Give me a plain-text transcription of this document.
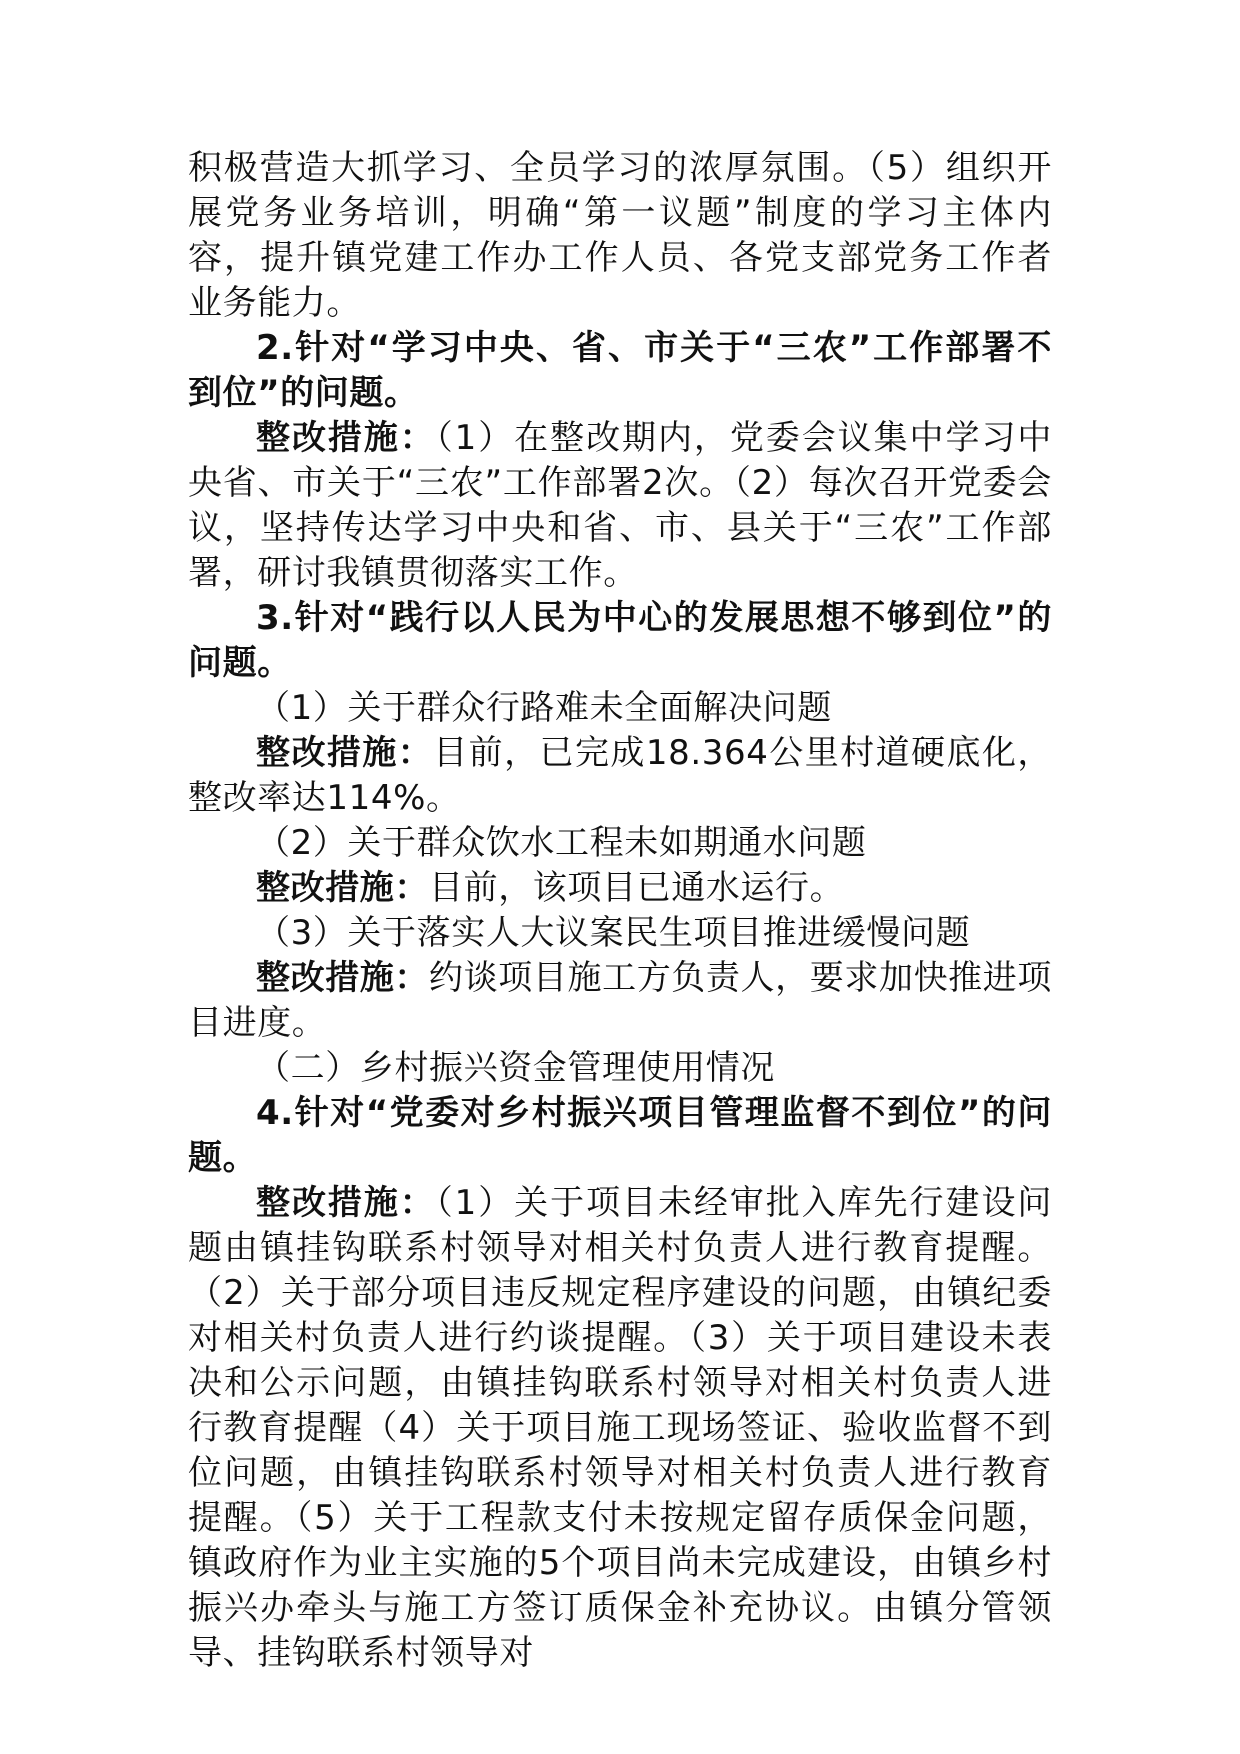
积极营造大抓学习、全员学习的浓厚氛围。（5）组织开展党务业务培训，明确“第一议题”制度的学习主体内容，提升镇党建工作办工作人员、各党支部党务工作者业务能力。

2.针对“学习中央、省、市关于“三农”工作部署不到位”的问题。

整改措施：（1）在整改期内，党委会议集中学习中央省、市关于“三农”工作部署2次。（2）每次召开党委会议，坚持传达学习中央和省、市、县关于“三农”工作部署，研讨我镇贯彻落实工作。

3.针对“践行以人民为中心的发展思想不够到位”的问题。

（1）关于群众行路难未全面解决问题

整改措施：目前，已完成18.364公里村道硬底化，整改率达114%。

（2）关于群众饮水工程未如期通水问题

整改措施：目前，该项目已通水运行。

（3）关于落实人大议案民生项目推进缓慢问题

整改措施：约谈项目施工方负责人，要求加快推进项目进度。

（二）乡村振兴资金管理使用情况

4.针对“党委对乡村振兴项目管理监督不到位”的问题。

整改措施：（1）关于项目未经审批入库先行建设问题由镇挂钩联系村领导对相关村负责人进行教育提醒。（2）关于部分项目违反规定程序建设的问题，由镇纪委对相关村负责人进行约谈提醒。（3）关于项目建设未表决和公示问题，由镇挂钩联系村领导对相关村负责人进行教育提醒（4）关于项目施工现场签证、验收监督不到位问题，由镇挂钩联系村领导对相关村负责人进行教育提醒。（5）关于工程款支付未按规定留存质保金问题，镇政府作为业主实施的5个项目尚未完成建设，由镇乡村振兴办牵头与施工方签订质保金补充协议。由镇分管领导、挂钩联系村领导对
